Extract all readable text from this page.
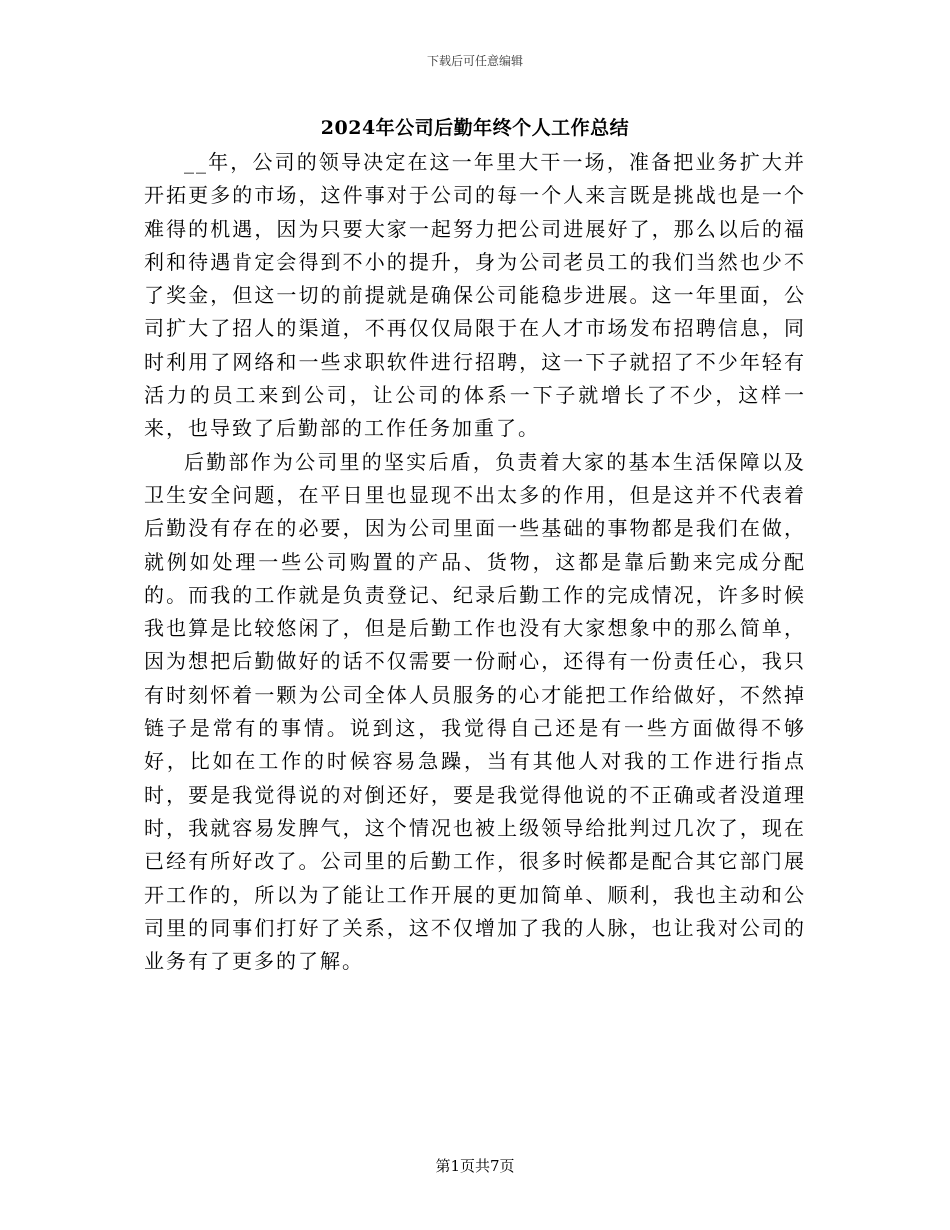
下载后可任意编辑
2024年公司后勤年终个人工作总结

__年，公司的领导决定在这一年里大干一场，准备把业务扩大并开拓更多的市场，这件事对于公司的每一个人来言既是挑战也是一个难得的机遇，因为只要大家一起努力把公司进展好了，那么以后的福利和待遇肯定会得到不小的提升，身为公司老员工的我们当然也少不了奖金，但这一切的前提就是确保公司能稳步进展。这一年里面，公司扩大了招人的渠道，不再仅仅局限于在人才市场发布招聘信息，同时利用了网络和一些求职软件进行招聘，这一下子就招了不少年轻有活力的员工来到公司，让公司的体系一下子就增长了不少，这样一来，也导致了后勤部的工作任务加重了。

后勤部作为公司里的坚实后盾，负责着大家的基本生活保障以及卫生安全问题，在平日里也显现不出太多的作用，但是这并不代表着后勤没有存在的必要，因为公司里面一些基础的事物都是我们在做，就例如处理一些公司购置的产品、货物，这都是靠后勤来完成分配的。而我的工作就是负责登记、纪录后勤工作的完成情况，许多时候我也算是比较悠闲了，但是后勤工作也没有大家想象中的那么简单，因为想把后勤做好的话不仅需要一份耐心，还得有一份责任心，我只有时刻怀着一颗为公司全体人员服务的心才能把工作给做好，不然掉链子是常有的事情。说到这，我觉得自己还是有一些方面做得不够好，比如在工作的时候容易急躁，当有其他人对我的工作进行指点时，要是我觉得说的对倒还好，要是我觉得他说的不正确或者没道理时，我就容易发脾气，这个情况也被上级领导给批判过几次了，现在已经有所好改了。公司里的后勤工作，很多时候都是配合其它部门展开工作的，所以为了能让工作开展的更加简单、顺利，我也主动和公司里的同事们打好了关系，这不仅增加了我的人脉，也让我对公司的业务有了更多的了解。

第1页共7页
